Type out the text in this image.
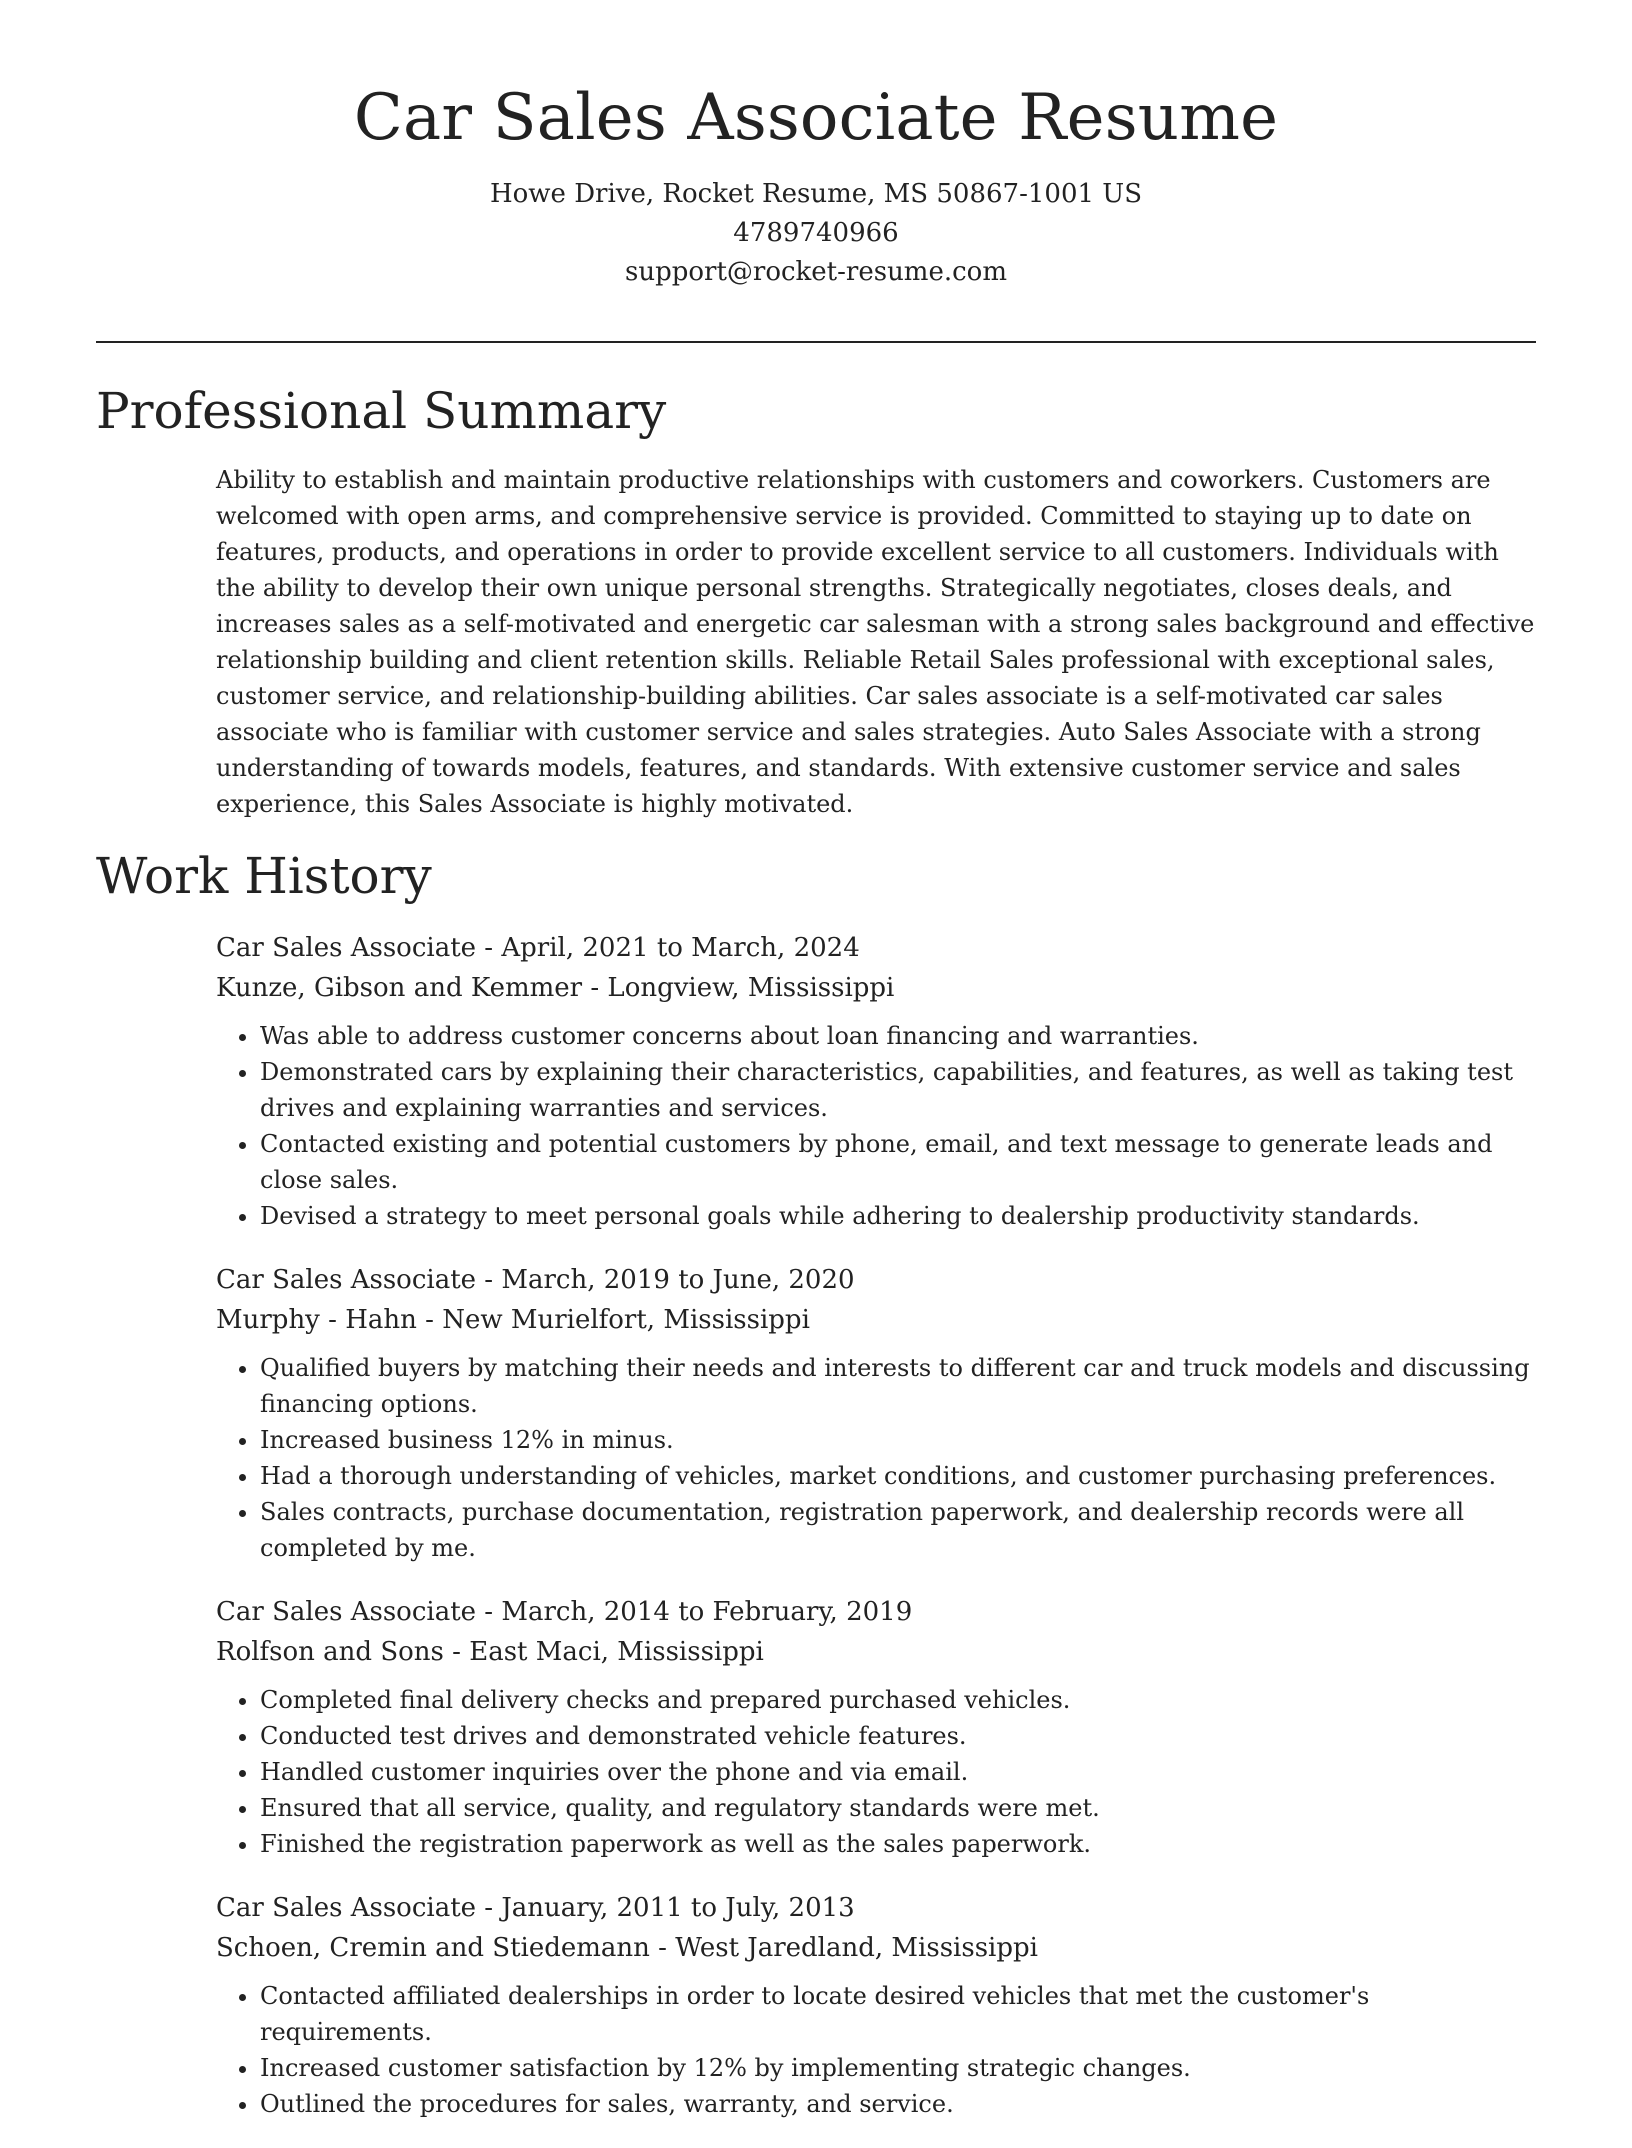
Car Sales Associate Resume

Howe Drive, Rocket Resume, MS 50867-1001 US

4789740966

support@rocket-resume.com

Professional Summary

Ability to establish and maintain productive relationships with customers and coworkers. Customers are welcomed with open arms, and comprehensive service is provided. Committed to staying up to date on features, products, and operations in order to provide excellent service to all customers. Individuals with the ability to develop their own unique personal strengths. Strategically negotiates, closes deals, and increases sales as a self-motivated and energetic car salesman with a strong sales background and effective relationship building and client retention skills. Reliable Retail Sales professional with exceptional sales, customer service, and relationship-building abilities. Car sales associate is a self-motivated car sales associate who is familiar with customer service and sales strategies. Auto Sales Associate with a strong understanding of towards models, features, and standards. With extensive customer service and sales experience, this Sales Associate is highly motivated.

Work History

Car Sales Associate - April, 2021 to March, 2024

Kunze, Gibson and Kemmer - Longview, Mississippi

• Was able to address customer concerns about loan financing and warranties.
• Demonstrated cars by explaining their characteristics, capabilities, and features, as well as taking test drives and explaining warranties and services.
• Contacted existing and potential customers by phone, email, and text message to generate leads and close sales.
• Devised a strategy to meet personal goals while adhering to dealership productivity standards.

Car Sales Associate - March, 2019 to June, 2020

Murphy - Hahn - New Murielfort, Mississippi

• Qualified buyers by matching their needs and interests to different car and truck models and discussing financing options.
• Increased business 12% in minus.
• Had a thorough understanding of vehicles, market conditions, and customer purchasing preferences.
• Sales contracts, purchase documentation, registration paperwork, and dealership records were all completed by me.

Car Sales Associate - March, 2014 to February, 2019

Rolfson and Sons - East Maci, Mississippi

• Completed final delivery checks and prepared purchased vehicles.
• Conducted test drives and demonstrated vehicle features.
• Handled customer inquiries over the phone and via email.
• Ensured that all service, quality, and regulatory standards were met.
• Finished the registration paperwork as well as the sales paperwork.

Car Sales Associate - January, 2011 to July, 2013

Schoen, Cremin and Stiedemann - West Jaredland, Mississippi

• Contacted affiliated dealerships in order to locate desired vehicles that met the customer's requirements.
• Increased customer satisfaction by 12% by implementing strategic changes.
• Outlined the procedures for sales, warranty, and service.
